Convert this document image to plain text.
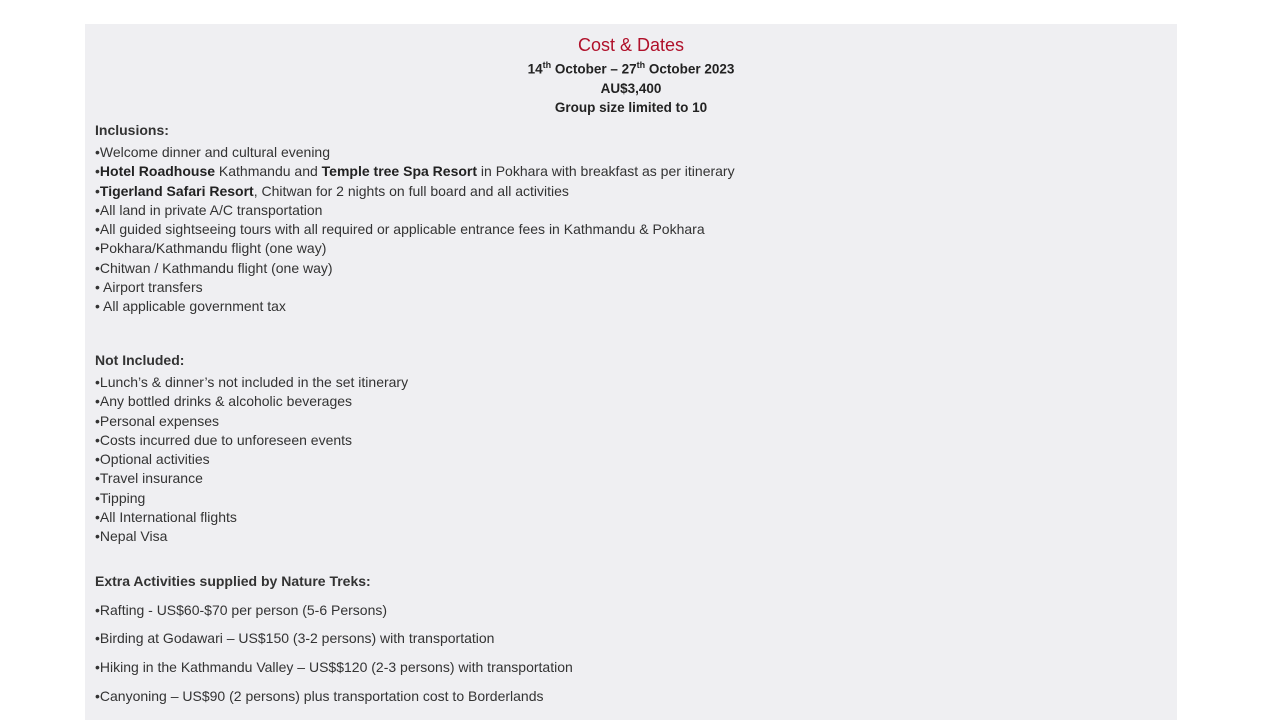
Cost & Dates
14th October – 27th October 2023
AU$3,400
Group size limited to 10
Inclusions:
•Welcome dinner and cultural evening
•Hotel Roadhouse Kathmandu and Temple tree Spa Resort in Pokhara with breakfast as per itinerary
•Tigerland Safari Resort, Chitwan for 2 nights on full board and all activities
•All land in private A/C transportation
•All guided sightseeing tours with all required or applicable entrance fees in Kathmandu & Pokhara
•Pokhara/Kathmandu flight (one way)
•Chitwan / Kathmandu flight (one way)
• Airport transfers
• All applicable government tax
Not Included:
•Lunch’s & dinner’s not included in the set itinerary
•Any bottled drinks & alcoholic beverages
•Personal expenses
•Costs incurred due to unforeseen events
•Optional activities
•Travel insurance
•Tipping
•All International flights
•Nepal Visa
Extra Activities supplied by Nature Treks:
•Rafting - US$60-$70 per person (5-6 Persons)
•Birding at Godawari – US$150 (3-2 persons) with transportation
•Hiking in the Kathmandu Valley – US$$120 (2-3 persons) with transportation
•Canyoning – US$90 (2 persons) plus transportation cost to Borderlands
